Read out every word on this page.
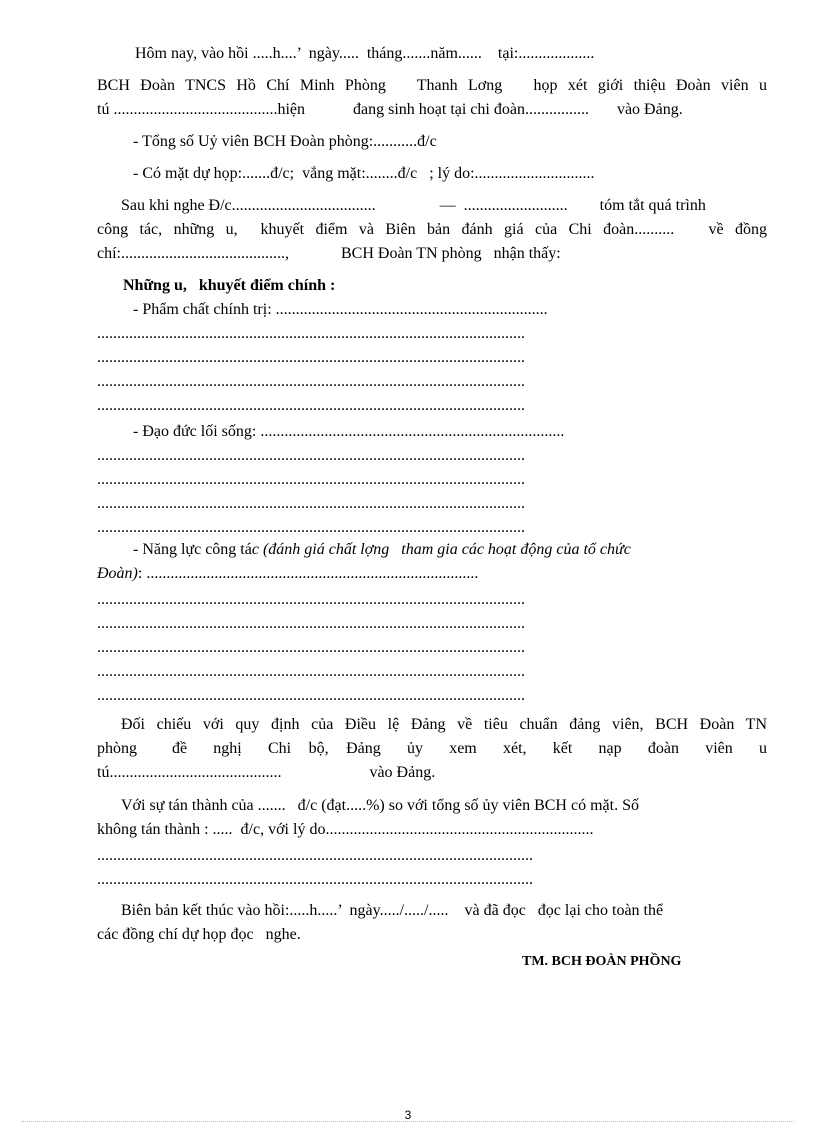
Hôm nay, vào hồi .....h....’  ngày.....  tháng.......năm......    tại:...................
BCH Đoàn TNCS Hồ Chí Minh Phòng   Thanh Lơng   họp xét giới thiệu Đoàn viên u
tú .........................................hiện            đang sinh hoạt tại chi đoàn................       vào Đảng.
- Tổng số Uỷ viên BCH Đoàn phòng:...........đ/c
- Có mặt dự họp:.......đ/c;  vắng mặt:........đ/c   ; lý do:..............................
Sau khi nghe Đ/c....................................                —  ..........................        tóm tắt quá trình
công tác, những u,  khuyết điểm và Biên bản đánh giá của Chi đoàn..........   về đồng
chí:.........................................,             BCH Đoàn TN phòng   nhận thấy:
Những u,   khuyết điểm chính :
- Phẩm chất chính trị: ....................................................................
...........................................................................................................
...........................................................................................................
...........................................................................................................
...........................................................................................................
- Đạo đức lối sống: ............................................................................
...........................................................................................................
...........................................................................................................
...........................................................................................................
...........................................................................................................
- Năng lực công tác (đánh giá chất lợng   tham gia các hoạt động của tổ chức
Đoàn): ...................................................................................
...........................................................................................................
...........................................................................................................
...........................................................................................................
...........................................................................................................
...........................................................................................................
Đối chiếu với quy định của Điều lệ Đảng về tiêu chuẩn đảng viên, BCH Đoàn TN
phòng    đề   nghị   Chi  bộ,  Đảng   ủy   xem   xét,   kết   nạp   đoàn   viên   u
tú...........................................                      vào Đảng.
Với sự tán thành của .......   đ/c (đạt.....%) so với tổng số ủy viên BCH có mặt. Số
không tán thành : .....  đ/c, với lý do...................................................................
.............................................................................................................
.............................................................................................................
Biên bản kết thúc vào hồi:.....h.....’  ngày...../...../.....    và đã đọc   đọc lại cho toàn thể
các đồng chí dự họp đọc   nghe.
TM. BCH ĐOÀN PHỒNG
3
